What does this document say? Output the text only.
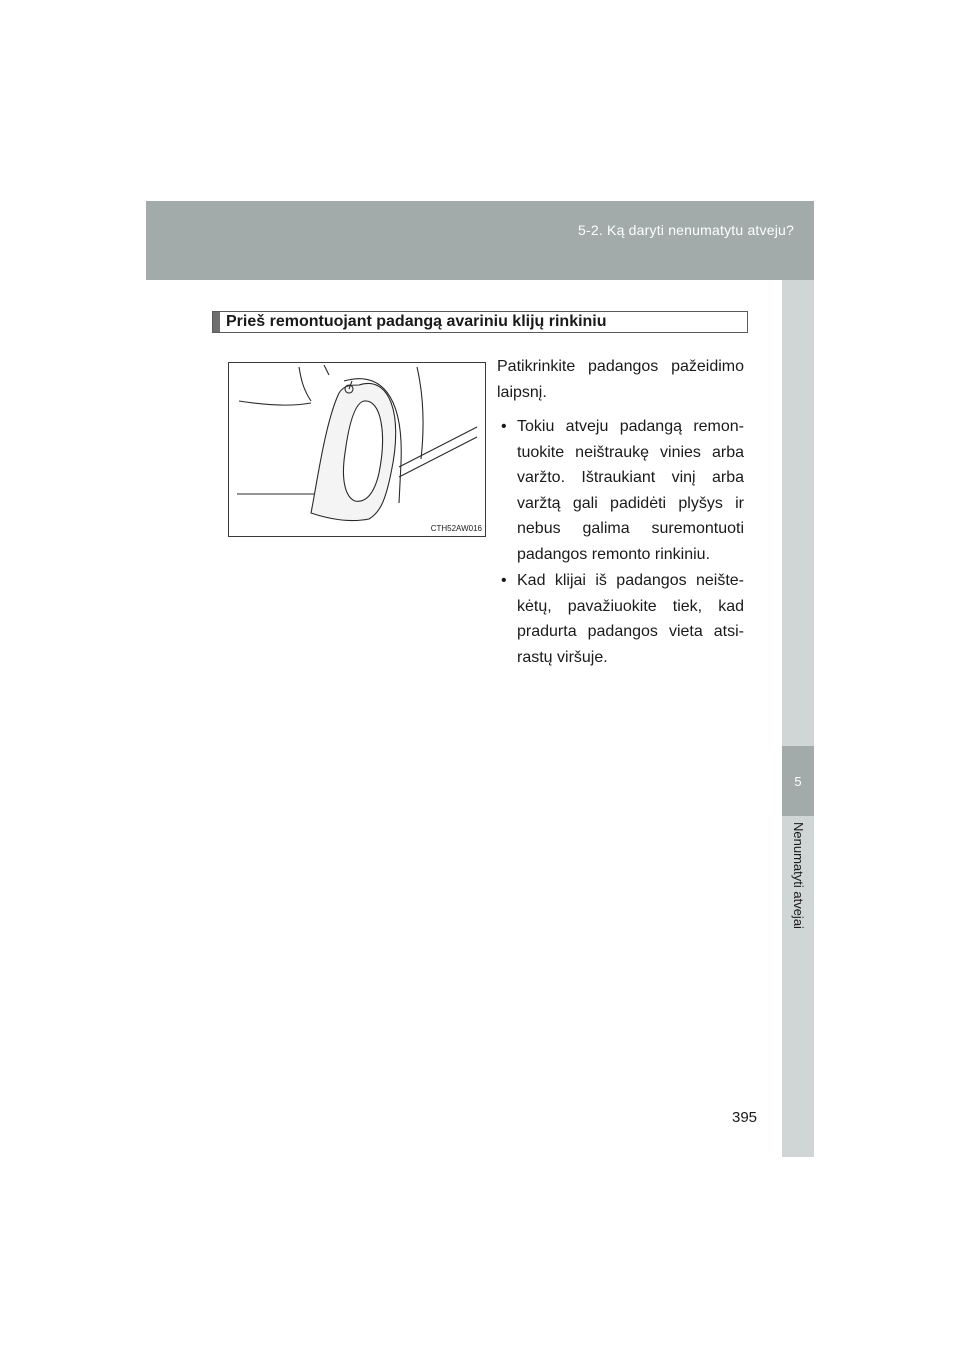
5-2. Ką daryti nenumatytu atveju?
5
Nenumatyti atvejai
Prieš remontuojant padangą avariniu klijų rinkiniu
CTH52AW016

Patikrinkite padangos pažeidimo laipsnį.

• Tokiu atveju padangą remon-tuokite neištraukę vinies arba varžto. Ištraukiant vinį arba varžtą gali padidėti plyšys ir nebus galima suremontuoti padangos remonto rinkiniu.
• Kad klijai iš padangos neište-kėtų, pavažiuokite tiek, kad pradurta padangos vieta atsi-rastų viršuje.
395
